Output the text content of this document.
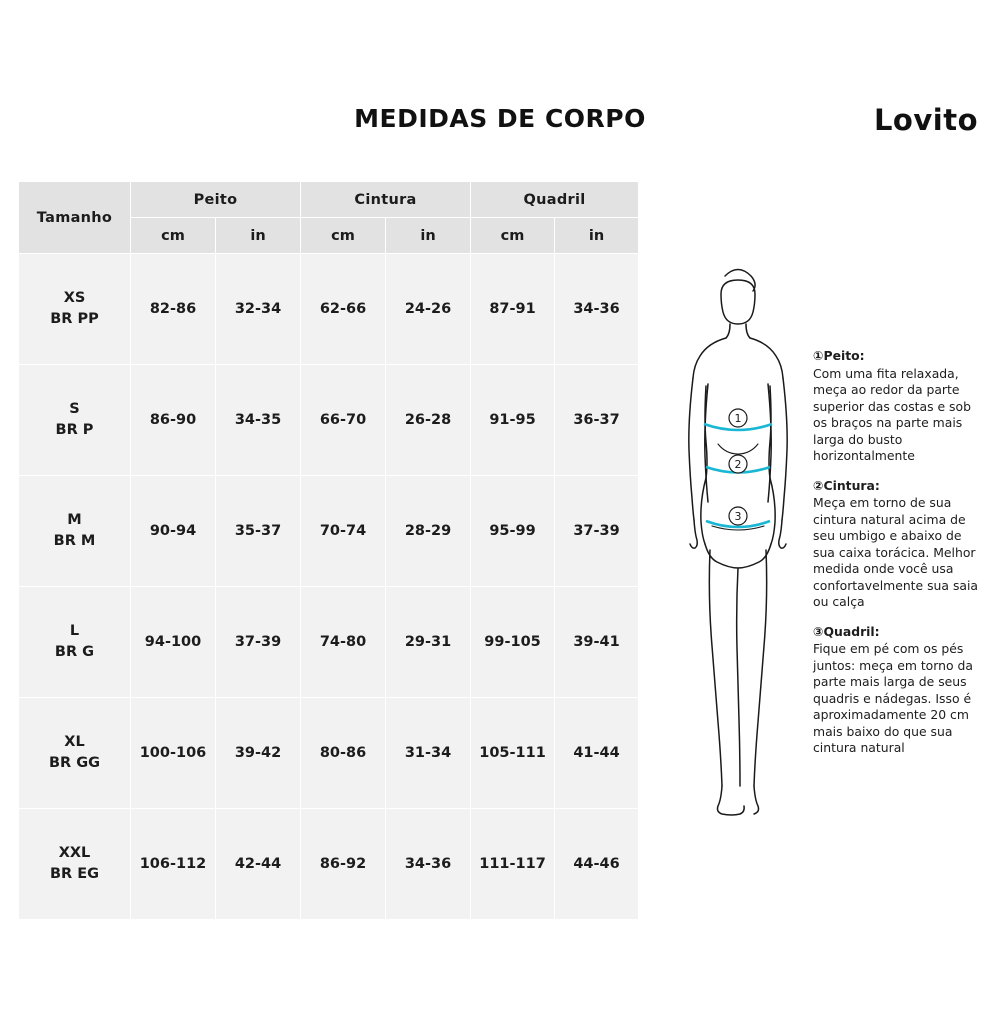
MEDIDAS DE CORPO	Lovito
Tamanho	Peito		Cintura		Quadril	
	cm	in	cm	in	cm	in

XS
BR PP	82-86	32-34	62-66	24-26	87-91	34-36

S
BR P	86-90	34-35	66-70	26-28	91-95	36-37

M
BR M	90-94	35-37	70-74	28-29	95-99	37-39

L
BR G	94-100	37-39	74-80	29-31	99-105	39-41

XL
BR GG	100-106	39-42	80-86	31-34	105-111	41-44

XXL
BR EG	106-112	42-44	86-92	34-36	111-117	44-46
1
2
3
①Peito:
Com uma fita relaxada, meça ao redor da parte superior das costas e sob os braços na parte mais larga do busto horizontalmente
②Cintura:
Meça em torno de sua cintura natural acima de seu umbigo e abaixo de sua caixa torácica. Melhor medida onde você usa confortavelmente sua saia ou calça
③Quadril:
Fique em pé com os pés juntos: meça em torno da parte mais larga de seus quadris e nádegas. Isso é aproximadamente 20 cm mais baixo do que sua cintura natural
